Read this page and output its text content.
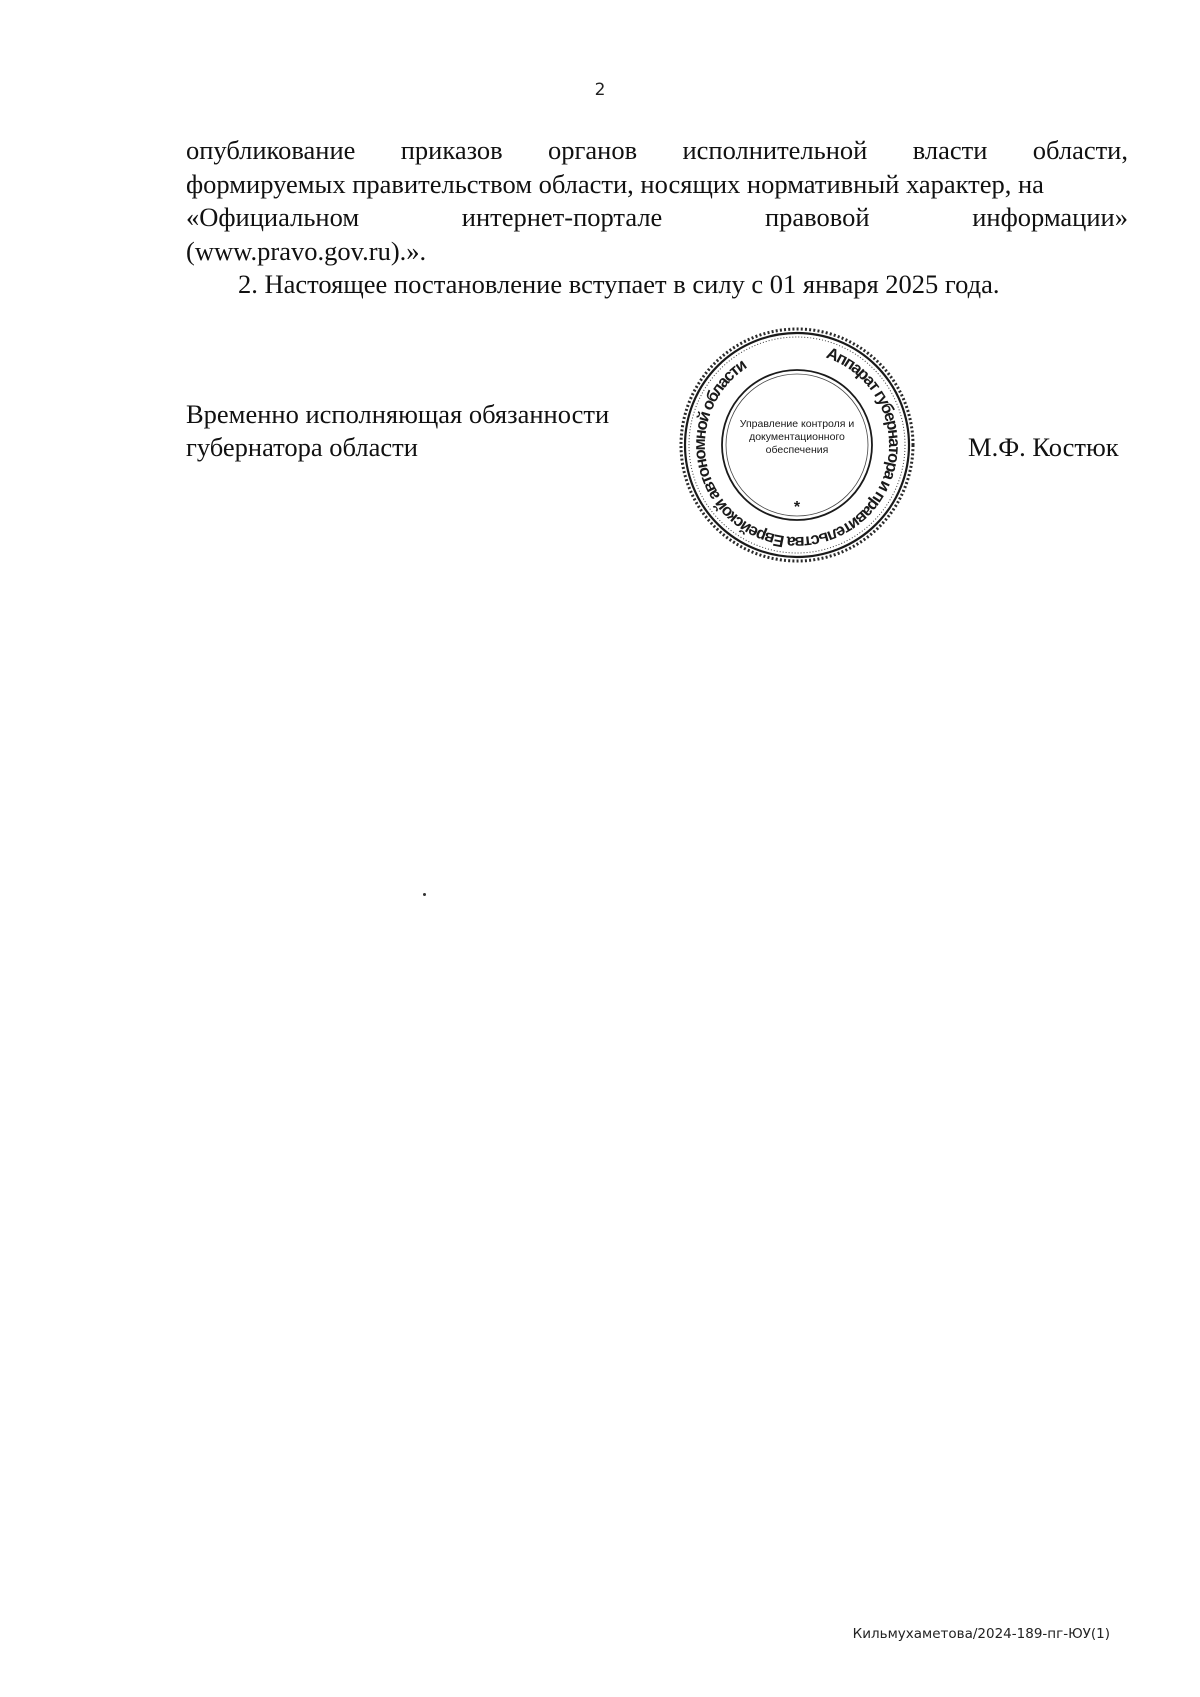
2
опубликование приказов органов исполнительной власти области,
формируемых правительством области, носящих нормативный характер, на
«Официальном	интернет-портале	правовой	информации»
(www.pravo.gov.ru).».
2. Настоящее постановление вступает в силу с 01 января 2025 года.
Временно исполняющая обязанности
губернатора области	М.Ф. Костюк
Аппарат губернатора и правительства Еврейской автономной области
*
Управление контроля и
документационного
обеспечения
Кильмухаметова/2024-189-пг-ЮУ(1)
